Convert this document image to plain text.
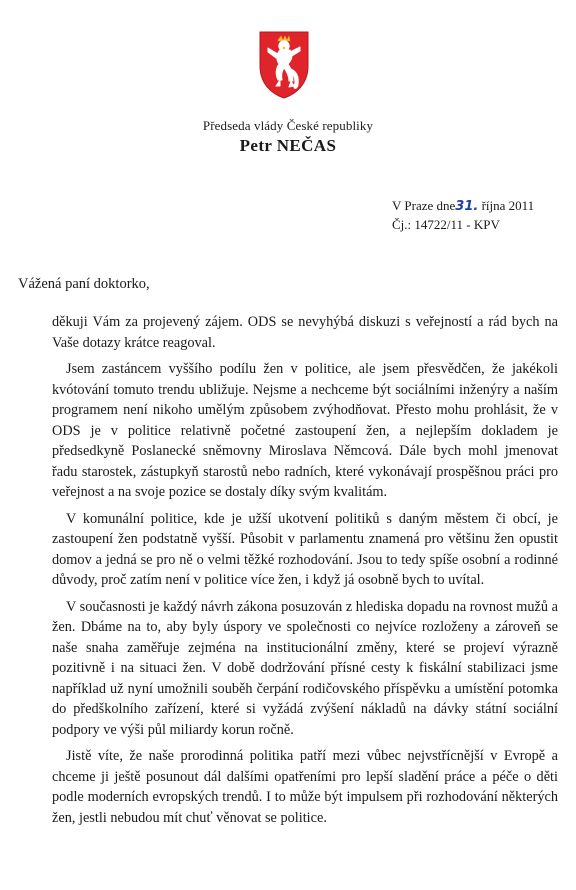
Předseda vlády České republiky
Petr NEČAS
V Praze dne31. října 2011
Čj.: 14722/11 - KPV
Vážená paní doktorko,

děkuji Vám za projevený zájem. ODS se nevyhýbá diskuzi s veřejností a rád bych na Vaše dotazy krátce reagoval.

Jsem zastáncem vyššího podílu žen v politice, ale jsem přesvědčen, že jakékoli kvótování tomuto trendu ubližuje. Nejsme a nechceme být sociálními inženýry a naším programem není nikoho umělým způsobem zvýhodňovat. Přesto mohu prohlásit, že v ODS je v politice relativně početné zastoupení žen, a nejlepším dokladem je předsedkyně Poslanecké sněmovny Miroslava Němcová. Dále bych mohl jmenovat řadu starostek, zástupkyň starostů nebo radních, které vykonávají prospěšnou práci pro veřejnost a na svoje pozice se dostaly díky svým kvalitám.

V komunální politice, kde je užší ukotvení politiků s daným městem či obcí, je zastoupení žen podstatně vyšší. Působit v parlamentu znamená pro většinu žen opustit domov a jedná se pro ně o velmi těžké rozhodování. Jsou to tedy spíše osobní a rodinné důvody, proč zatím není v politice více žen, i když já osobně bych to uvítal.

V současnosti je každý návrh zákona posuzován z hlediska dopadu na rovnost mužů a žen. Dbáme na to, aby byly úspory ve společnosti co nejvíce rozloženy a zároveň se naše snaha zaměřuje zejména na institucionální změny, které se projeví výrazně pozitivně i na situaci žen. V době dodržování přísné cesty k fiskální stabilizaci jsme například už nyní umožnili souběh čerpání rodičovského příspěvku a umístění potomka do předškolního zařízení, které si vyžádá zvýšení nákladů na dávky státní sociální podpory ve výši půl miliardy korun ročně.

Jistě víte, že naše prorodinná politika patří mezi vůbec nejvstřícnější v Evropě a chceme ji ještě posunout dál dalšími opatřeními pro lepší sladění práce a péče o děti podle moderních evropských trendů. I to může být impulsem při rozhodování některých žen, jestli nebudou mít chuť věnovat se politice.
